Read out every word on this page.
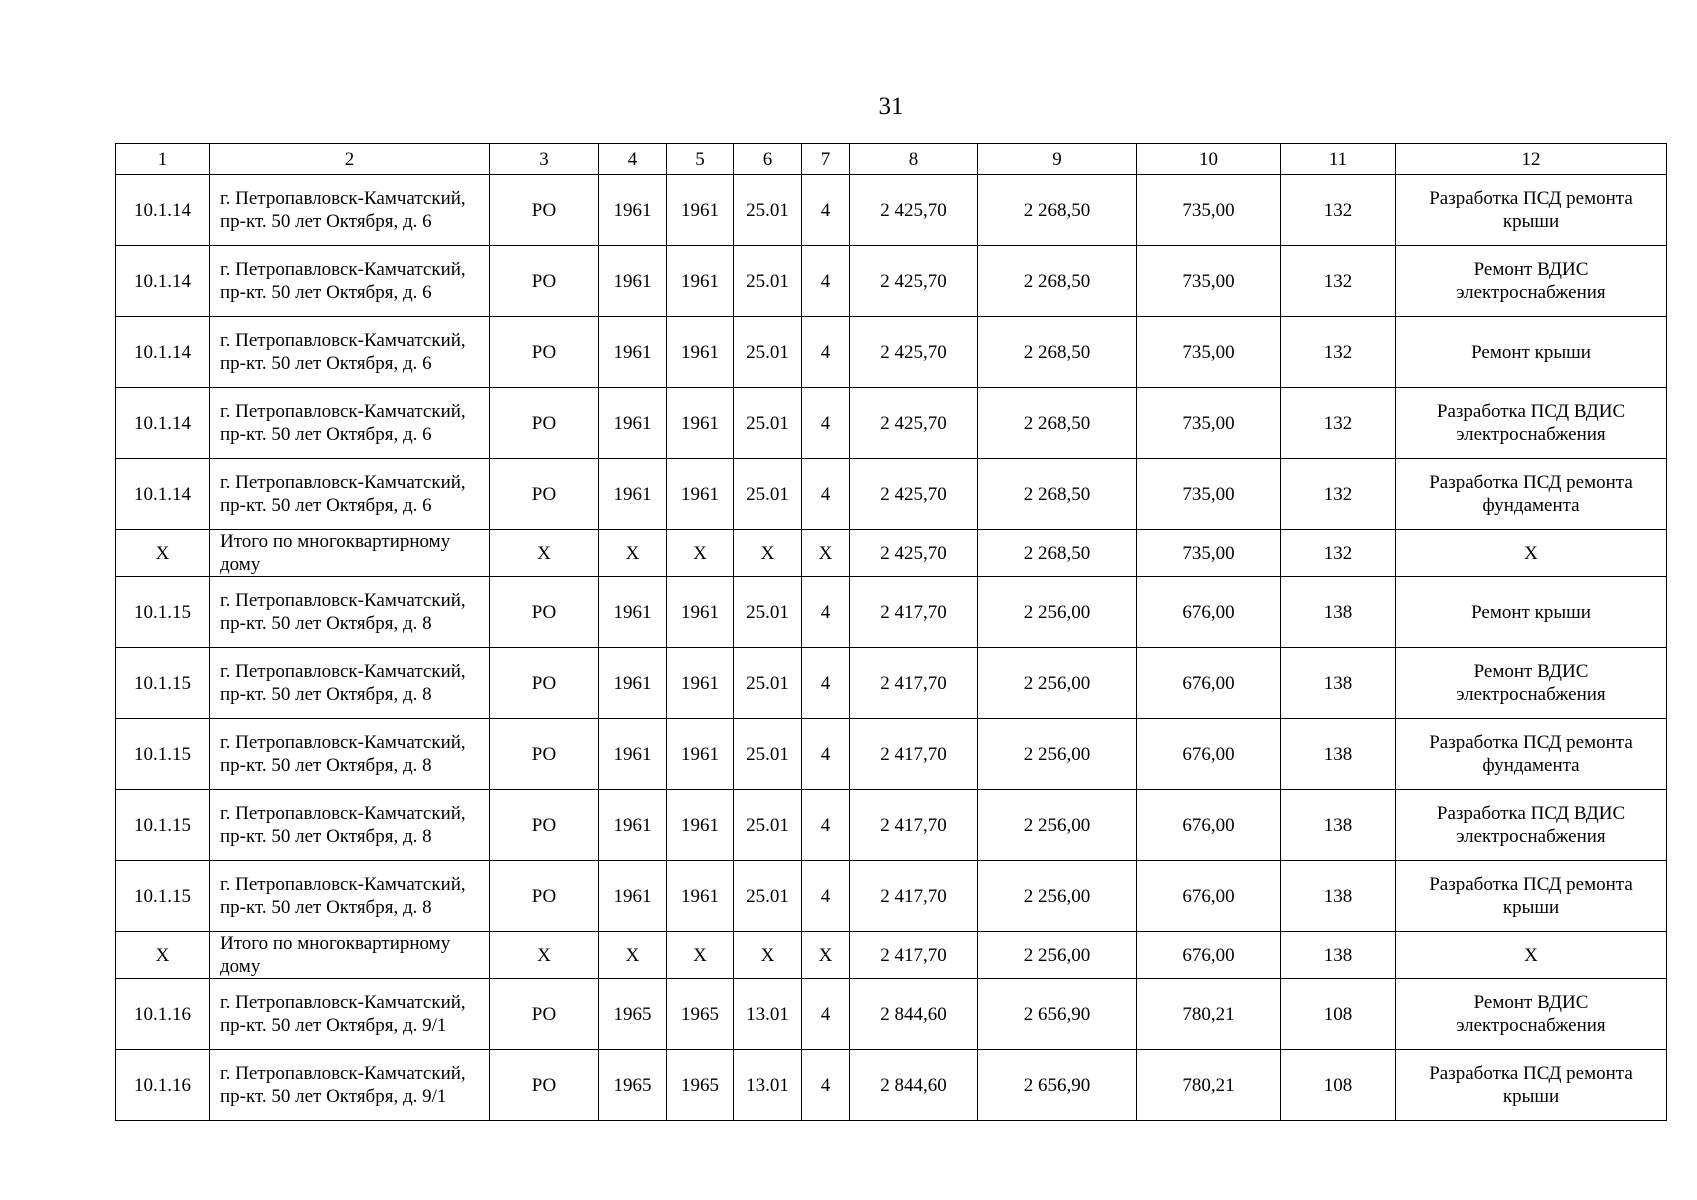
31
1	2	3	4	5	6	7	8	9	10	11	12
10.1.14	г. Петропавловск-Камчатский, пр-кт. 50 лет Октября, д. 6	РО	1961	1961	25.01	4	2 425,70	2 268,50	735,00	132	Разработка ПСД ремонта крыши
10.1.14	г. Петропавловск-Камчатский, пр-кт. 50 лет Октября, д. 6	РО	1961	1961	25.01	4	2 425,70	2 268,50	735,00	132	Ремонт ВДИС электроснабжения
10.1.14	г. Петропавловск-Камчатский, пр-кт. 50 лет Октября, д. 6	РО	1961	1961	25.01	4	2 425,70	2 268,50	735,00	132	Ремонт крыши
10.1.14	г. Петропавловск-Камчатский, пр-кт. 50 лет Октября, д. 6	РО	1961	1961	25.01	4	2 425,70	2 268,50	735,00	132	Разработка ПСД ВДИС электроснабжения
10.1.14	г. Петропавловск-Камчатский, пр-кт. 50 лет Октября, д. 6	РО	1961	1961	25.01	4	2 425,70	2 268,50	735,00	132	Разработка ПСД ремонта фундамента
X	Итого по многоквартирному дому	X	X	X	X	X	2 425,70	2 268,50	735,00	132	X
10.1.15	г. Петропавловск-Камчатский, пр-кт. 50 лет Октября, д. 8	РО	1961	1961	25.01	4	2 417,70	2 256,00	676,00	138	Ремонт крыши
10.1.15	г. Петропавловск-Камчатский, пр-кт. 50 лет Октября, д. 8	РО	1961	1961	25.01	4	2 417,70	2 256,00	676,00	138	Ремонт ВДИС электроснабжения
10.1.15	г. Петропавловск-Камчатский, пр-кт. 50 лет Октября, д. 8	РО	1961	1961	25.01	4	2 417,70	2 256,00	676,00	138	Разработка ПСД ремонта фундамента
10.1.15	г. Петропавловск-Камчатский, пр-кт. 50 лет Октября, д. 8	РО	1961	1961	25.01	4	2 417,70	2 256,00	676,00	138	Разработка ПСД ВДИС электроснабжения
10.1.15	г. Петропавловск-Камчатский, пр-кт. 50 лет Октября, д. 8	РО	1961	1961	25.01	4	2 417,70	2 256,00	676,00	138	Разработка ПСД ремонта крыши
X	Итого по многоквартирному дому	X	X	X	X	X	2 417,70	2 256,00	676,00	138	X
10.1.16	г. Петропавловск-Камчатский, пр-кт. 50 лет Октября, д. 9/1	РО	1965	1965	13.01	4	2 844,60	2 656,90	780,21	108	Ремонт ВДИС электроснабжения
10.1.16	г. Петропавловск-Камчатский, пр-кт. 50 лет Октября, д. 9/1	РО	1965	1965	13.01	4	2 844,60	2 656,90	780,21	108	Разработка ПСД ремонта крыши
